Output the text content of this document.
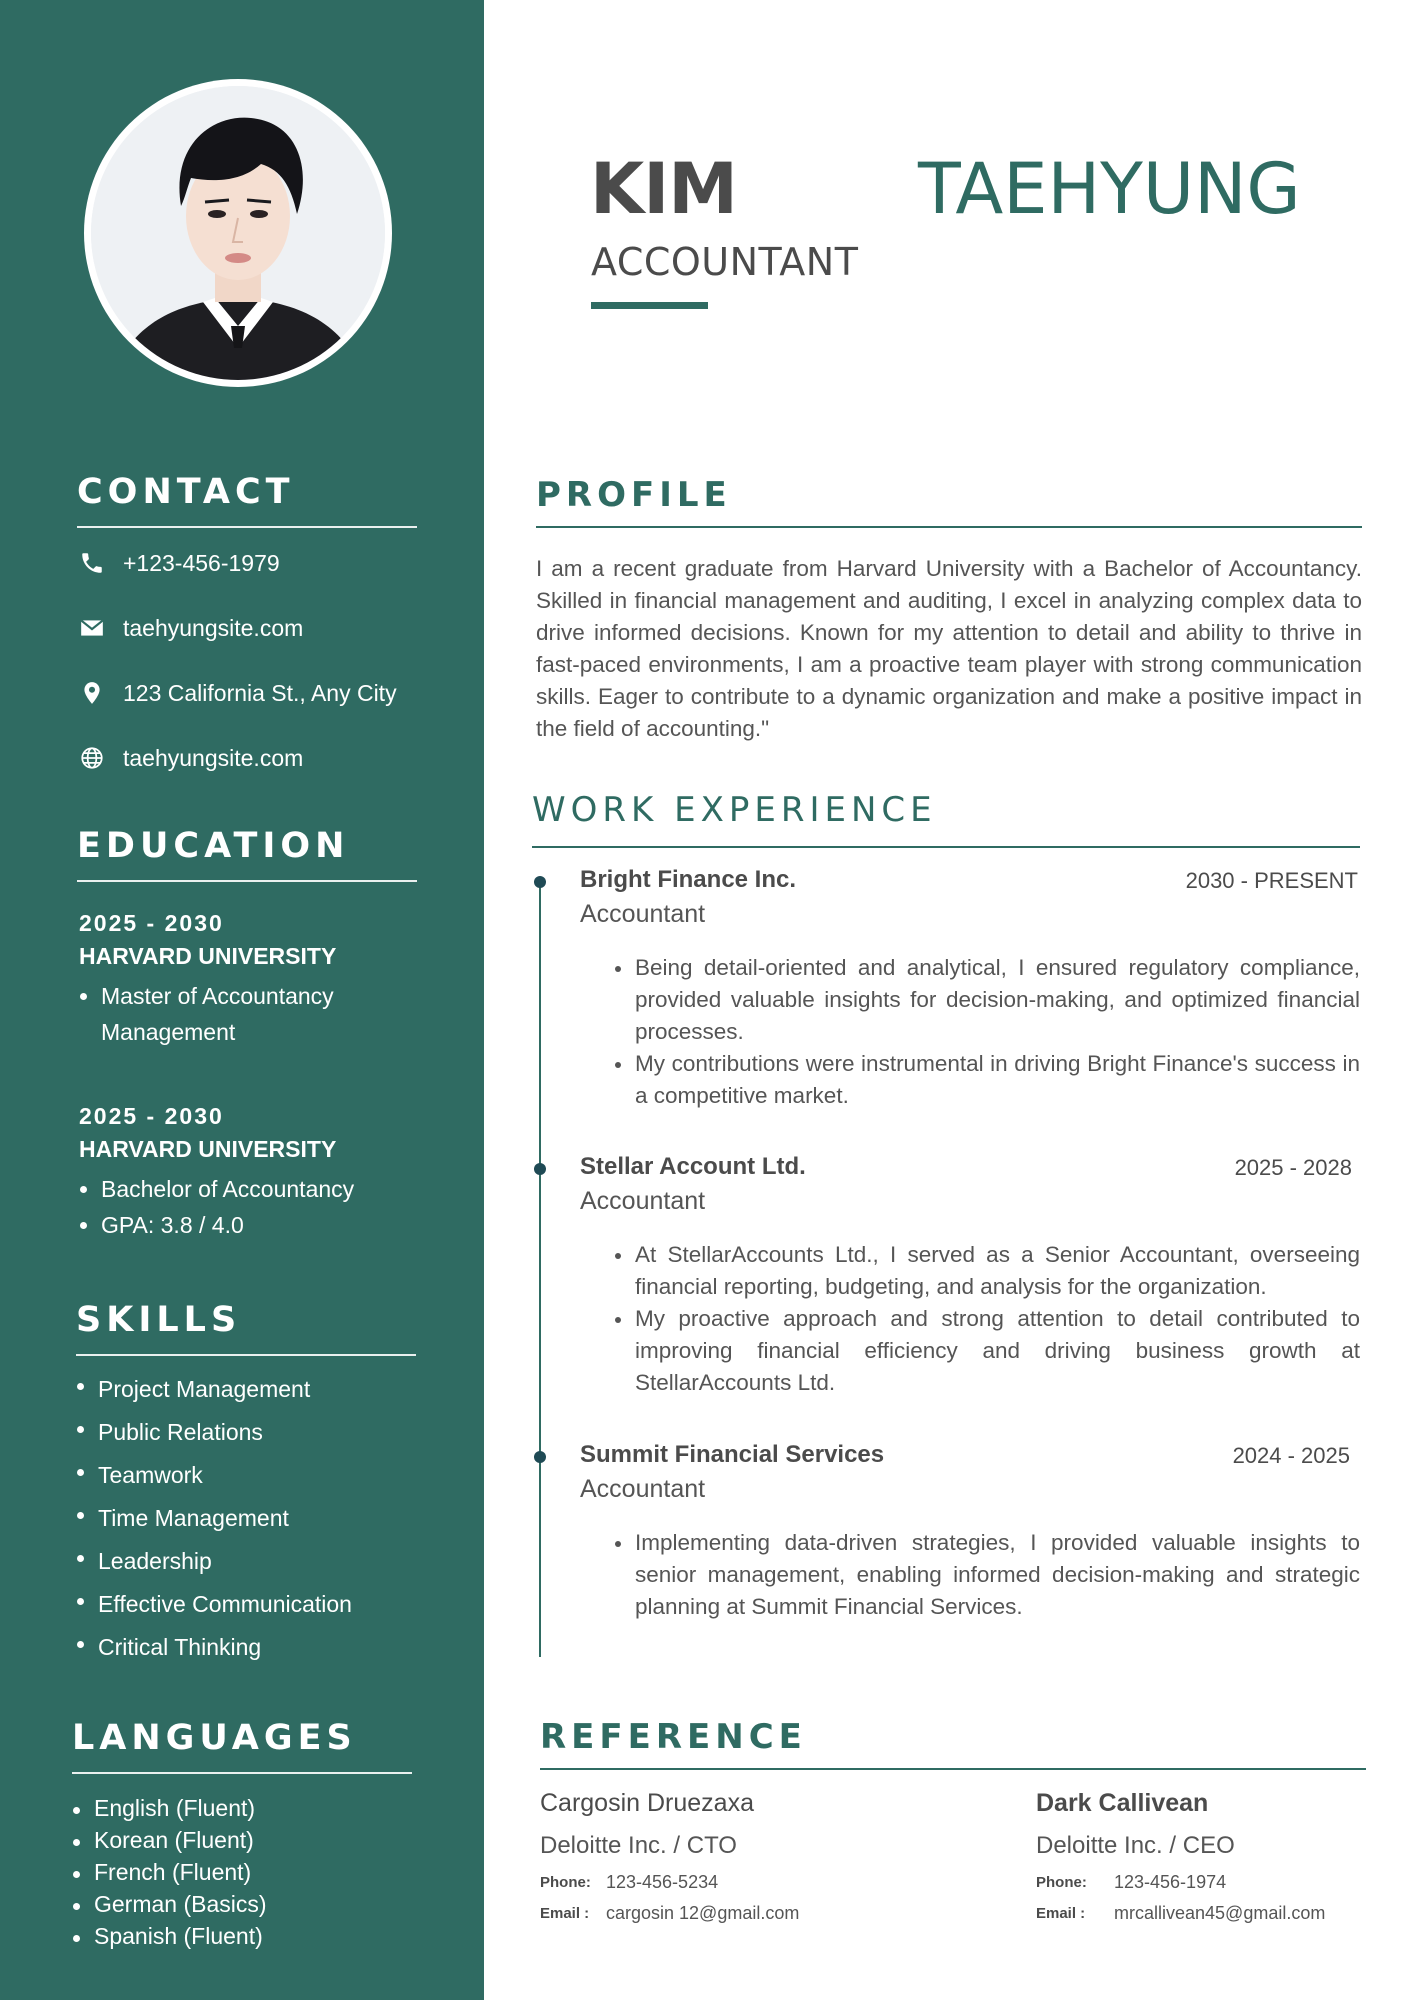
CONTACT
+123-456-1979
taehyungsite.com
123 California St., Any City
taehyungsite.com
EDUCATION
2025 - 2030
HARVARD UNIVERSITY
Master of Accountancy Management
2025 - 2030
HARVARD UNIVERSITY
Bachelor of Accountancy
GPA: 3.8 / 4.0
SKILLS
Project Management
Public Relations
Teamwork
Time Management
Leadership
Effective Communication
Critical Thinking
LANGUAGES
English (Fluent)
Korean (Fluent)
French (Fluent)
German (Basics)
Spanish (Fluent)
KIM	TAEHYUNG
ACCOUNTANT
PROFILE
I am a recent graduate from Harvard University with a Bachelor of Accountancy. Skilled in financial management and auditing, I excel in analyzing complex data to drive informed decisions. Known for my attention to detail and ability to thrive in fast-paced environments, I am a proactive team player with strong communication skills. Eager to contribute to a dynamic organization and make a positive impact in the field of accounting."
WORK EXPERIENCE
Bright Finance Inc.
Accountant
2030 - PRESENT
Being detail-oriented and analytical, I ensured regulatory compliance, provided valuable insights for decision-making, and optimized financial processes.
My contributions were instrumental in driving Bright Finance's success in a competitive market.
Stellar Account Ltd.
Accountant
2025 - 2028
At StellarAccounts Ltd., I served as a Senior Accountant, overseeing financial reporting, budgeting, and analysis for the organization.
My proactive approach and strong attention to detail contributed to improving financial efficiency and driving business growth at StellarAccounts Ltd.
Summit Financial Services
Accountant
2024 - 2025
Implementing data-driven strategies, I provided valuable insights to senior management, enabling informed decision-making and strategic planning at Summit Financial Services.
REFERENCE
Cargosin Druezaxa
Deloitte Inc. / CTO
Phone: 123-456-5234
Email : cargosin 12@gmail.com
Dark Callivean
Deloitte Inc. / CEO
Phone:	123-456-1974
Email :	mrcallivean45@gmail.com
